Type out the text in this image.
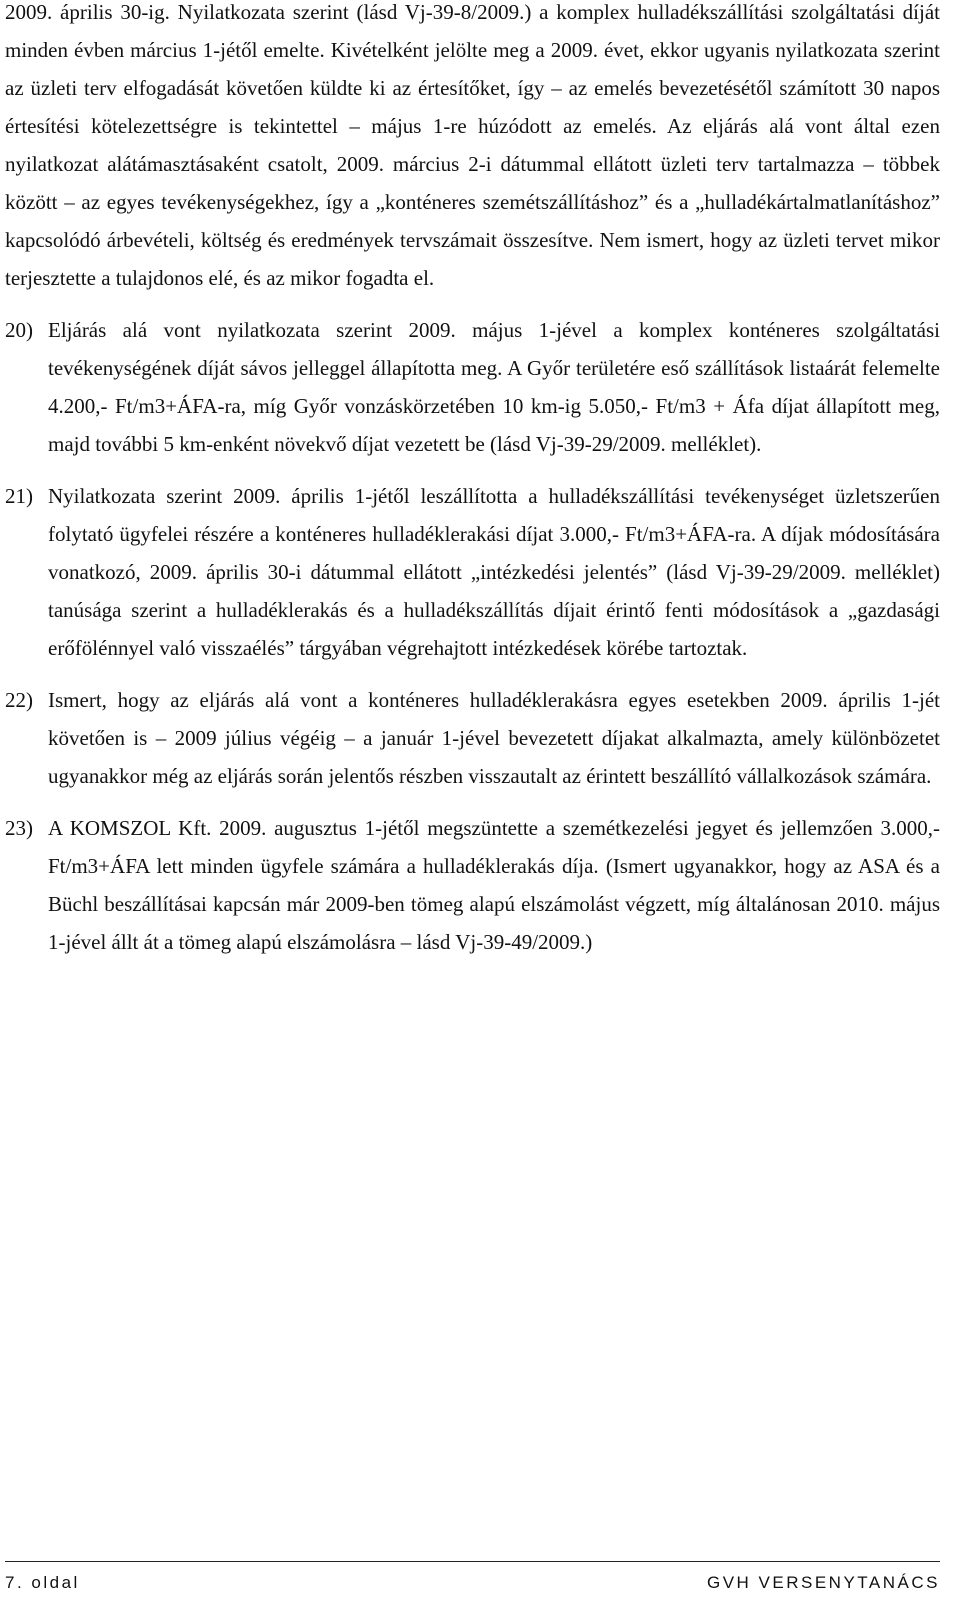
2009. április 30-ig. Nyilatkozata szerint (lásd Vj-39-8/2009.) a komplex hulladékszállítási szolgáltatási díját minden évben március 1-jétől emelte. Kivételként jelölte meg a 2009. évet, ekkor ugyanis nyilatkozata szerint az üzleti terv elfogadását követően küldte ki az értesítőket, így – az emelés bevezetésétől számított 30 napos értesítési kötelezettségre is tekintettel – május 1-re húzódott az emelés. Az eljárás alá vont által ezen nyilatkozat alátámasztásaként csatolt, 2009. március 2-i dátummal ellátott üzleti terv tartalmazza – többek között – az egyes tevékenységekhez, így a „konténeres szemétszállításhoz” és a „hulladékártalmatlanításhoz” kapcsolódó árbevételi, költség és eredmények tervszámait összesítve. Nem ismert, hogy az üzleti tervet mikor terjesztette a tulajdonos elé, és az mikor fogadta el.

20) Eljárás alá vont nyilatkozata szerint 2009. május 1-jével a komplex konténeres szolgáltatási tevékenységének díját sávos jelleggel állapította meg. A Győr területére eső szállítások listaárát felemelte 4.200,- Ft/m3+ÁFA-ra, míg Győr vonzáskörzetében 10 km-ig 5.050,- Ft/m3 + Áfa díjat állapított meg, majd további 5 km-enként növekvő díjat vezetett be (lásd Vj-39-29/2009. melléklet).
21) Nyilatkozata szerint 2009. április 1-jétől leszállította a hulladékszállítási tevékenységet üzletszerűen folytató ügyfelei részére a konténeres hulladéklerakási díjat 3.000,- Ft/m3+ÁFA-ra. A díjak módosítására vonatkozó, 2009. április 30-i dátummal ellátott „intézkedési jelentés” (lásd Vj-39-29/2009. melléklet) tanúsága szerint a hulladéklerakás és a hulladékszállítás díjait érintő fenti módosítások a „gazdasági erőfölénnyel való visszaélés” tárgyában végrehajtott intézkedések körébe tartoztak.
22) Ismert, hogy az eljárás alá vont a konténeres hulladéklerakásra egyes esetekben 2009. április 1-jét követően is – 2009 július végéig – a január 1-jével bevezetett díjakat alkalmazta, amely különbözetet ugyanakkor még az eljárás során jelentős részben visszautalt az érintett beszállító vállalkozások számára.
23) A KOMSZOL Kft. 2009. augusztus 1-jétől megszüntette a szemétkezelési jegyet és jellemzően 3.000,-Ft/m3+ÁFA lett minden ügyfele számára a hulladéklerakás díja. (Ismert ugyanakkor, hogy az ASA és a Büchl beszállításai kapcsán már 2009-ben tömeg alapú elszámolást végzett, míg általánosan 2010. május 1-jével állt át a tömeg alapú elszámolásra – lásd Vj-39-49/2009.)
7. oldal	GVH VERSENYTANÁCS
